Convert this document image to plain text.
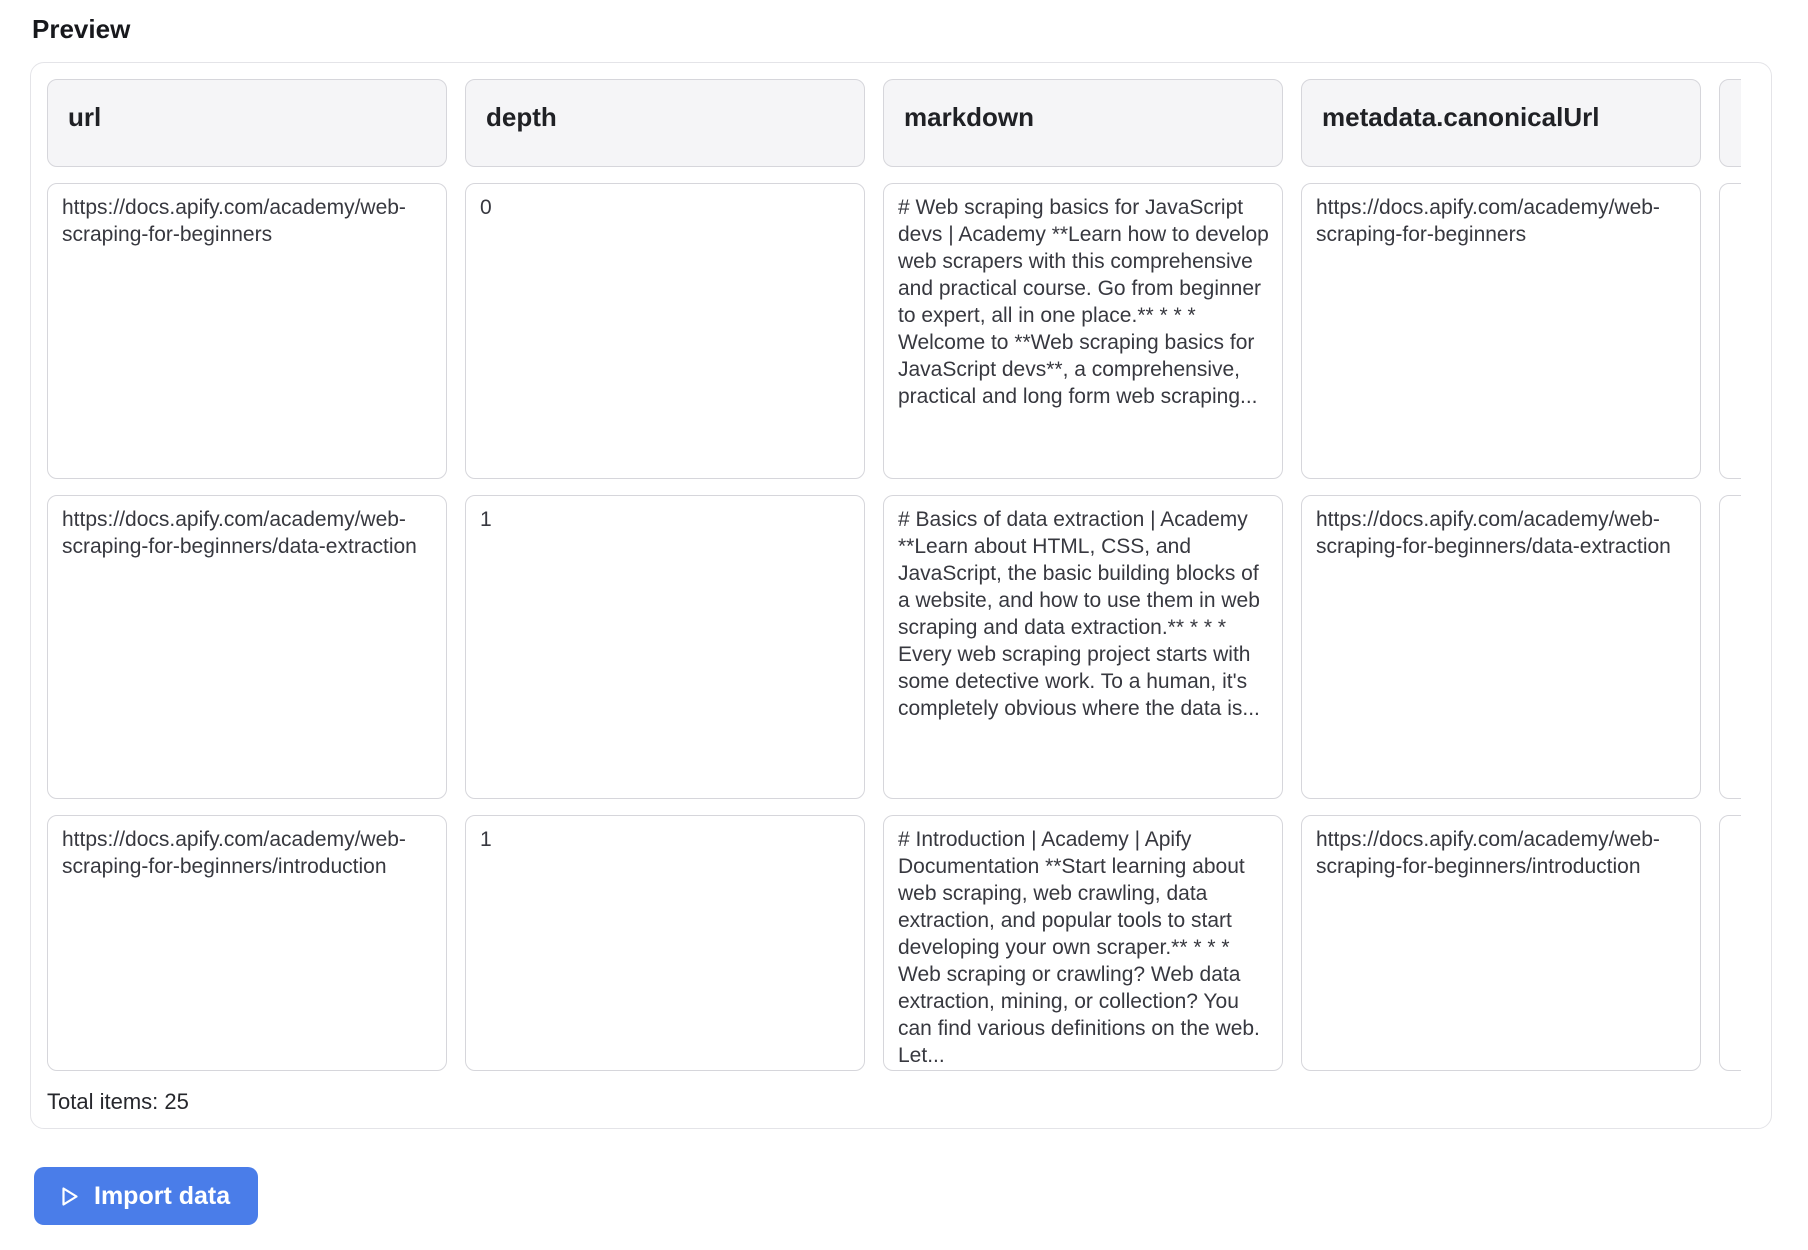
Preview
url
https://docs.apify.com/academy/web-scraping-for-beginners
https://docs.apify.com/academy/web-scraping-for-beginners/data-extraction
https://docs.apify.com/academy/web-scraping-for-beginners/introduction
depth
0
1
1
markdown
# Web scraping basics for JavaScript devs | Academy **Learn how to develop web scrapers with this comprehensive and practical course. Go from beginner to expert, all in one place.** * * * Welcome to **Web scraping basics for JavaScript devs**, a comprehensive, practical and long form web scraping...
# Basics of data extraction | Academy **Learn about HTML, CSS, and JavaScript, the basic building blocks of a website, and how to use them in web scraping and data extraction.** * * * Every web scraping project starts with some detective work. To a human, it's completely obvious where the data is...
# Introduction | Academy | Apify Documentation **Start learning about web scraping, web crawling, data extraction, and popular tools to start developing your own scraper.** * * * Web scraping or crawling? Web data extraction, mining, or collection? You can find various definitions on the web. Let...
metadata.canonicalUrl
https://docs.apify.com/academy/web-scraping-for-beginners
https://docs.apify.com/academy/web-scraping-for-beginners/data-extraction
https://docs.apify.com/academy/web-scraping-for-beginners/introduction
Total items: 25
Import data
